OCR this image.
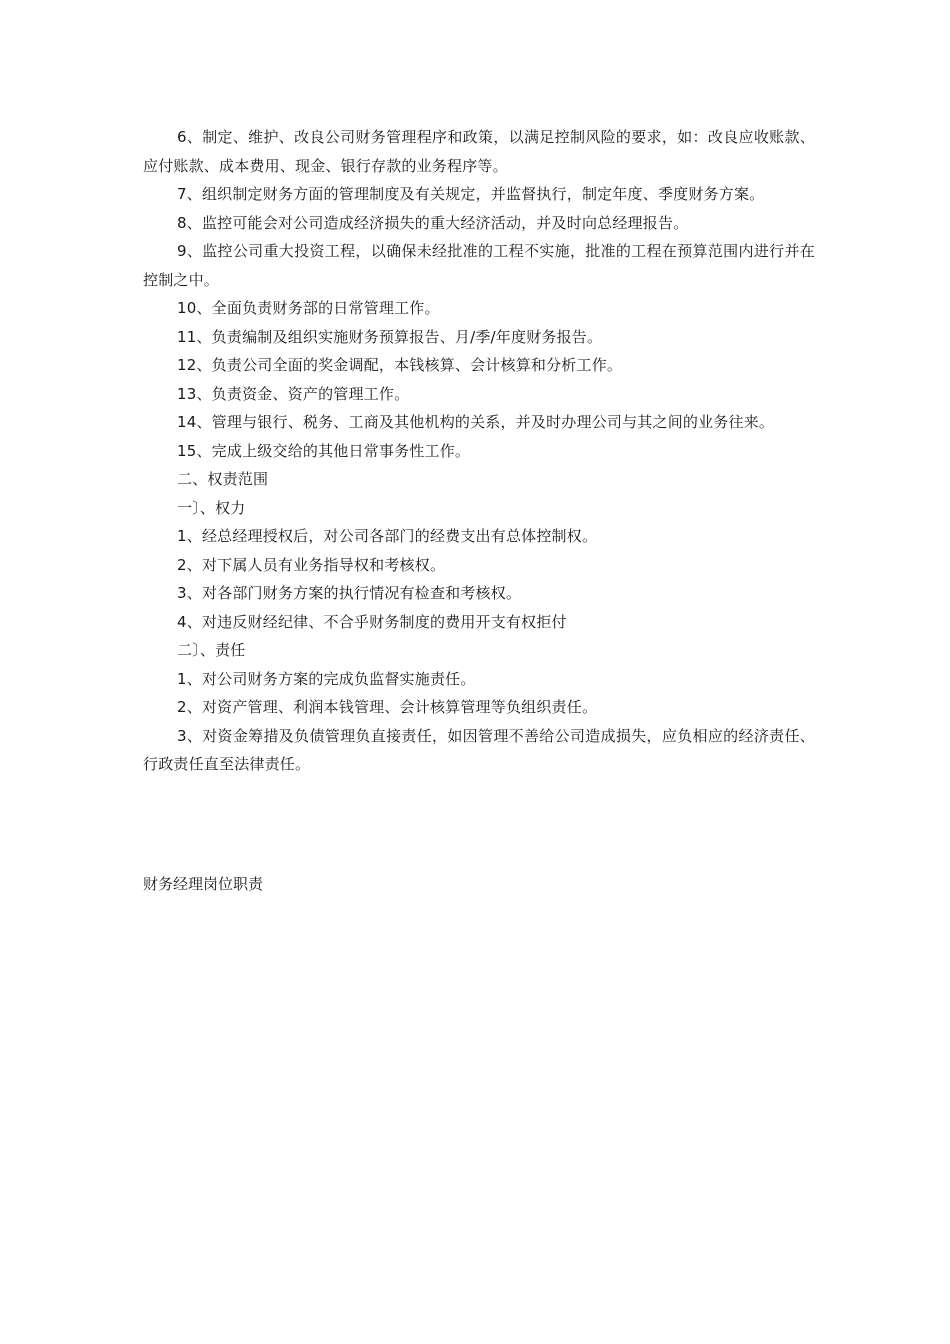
6、制定、维护、改良公司财务管理程序和政策，以满足控制风险的要求，如：改良应收账款、应付账款、成本费用、现金、银行存款的业务程序等。

7、组织制定财务方面的管理制度及有关规定，并监督执行，制定年度、季度财务方案。

8、监控可能会对公司造成经济损失的重大经济活动，并及时向总经理报告。

9、监控公司重大投资工程，以确保未经批准的工程不实施，批准的工程在预算范围内进行并在控制之中。

10、全面负责财务部的日常管理工作。

11、负责编制及组织实施财务预算报告、月/季/年度财务报告。

12、负责公司全面的奖金调配，本钱核算、会计核算和分析工作。

13、负责资金、资产的管理工作。

14、管理与银行、税务、工商及其他机构的关系，并及时办理公司与其之间的业务往来。

15、完成上级交给的其他日常事务性工作。

二、权责范围

一〕、权力

1、经总经理授权后，对公司各部门的经费支出有总体控制权。

2、对下属人员有业务指导权和考核权。

3、对各部门财务方案的执行情况有检查和考核权。

4、对违反财经纪律、不合乎财务制度的费用开支有权拒付

二〕、责任

1、对公司财务方案的完成负监督实施责任。

2、对资产管理、利润本钱管理、会计核算管理等负组织责任。

3、对资金筹措及负债管理负直接责任，如因管理不善给公司造成损失，应负相应的经济责任、行政责任直至法律责任。

财务经理岗位职责
